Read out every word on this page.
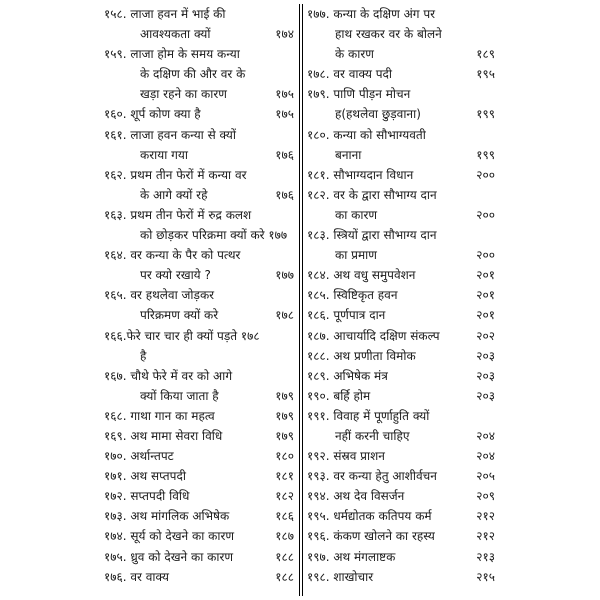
१५८. लाजा हवन में भाई की
आवश्यकता क्यों	१७४
१५९. लाजा होम के समय कन्या
के दक्षिण की और वर के
खड़ा रहने का कारण	१७५
१६०. शूर्प कोण क्या है	१७५
१६१. लाजा हवन कन्या से क्यों
कराया गया	१७६
१६२. प्रथम तीन फेरों में कन्या वर
के आगे क्यों रहे	१७६
१६३. प्रथम तीन फेरों में रुद्र कलश
को छोड़कर परिक्रमा क्यों करे १७७
१६४. वर कन्या के पैर को पत्थर
पर क्यो रखाये ?	१७७
१६५. वर हथलेवा जोड़कर
परिक्रमण क्यों करे	१७८
१६६.फेरे चार चार ही क्यों पड़ते १७८
है
१६७. चौथे फेरे में वर को आगे
क्यों किया जाता है	१७९
१६८. गाथा गान का महत्व	१७९
१६९. अथ मामा सेवरा विधि	१७९
१७०. अर्थान्तपट	१८०
१७१. अथ सप्तपदी	१८१
१७२. सप्तपदी विधि	१८२
१७३. अथ मांगलिक अभिषेक	१८६
१७४. सूर्य को देखने का कारण	१८७
१७५. ध्रुव को देखने का कारण	१८८
१७६. वर वाक्य	१८८
१७७. कन्या के दक्षिण अंग पर
हाथ रखकर वर के बोलने
के कारण	१८९
१७८. वर वाक्य पदी	१९५
१७९. पाणि पीड़न मोचन
ह(हथलेवा छुड़वाना)	१९९
१८०. कन्या को सौभाग्यवती
बनाना	१९९
१८१. सौभाग्यदान विधान	२००
१८२. वर के द्वारा सौभाग्य दान
का कारण	२००
१८३. स्त्रियों द्वारा सौभाग्य दान
का प्रमाण	२००
१८४. अथ वधु समुपवेशन	२०१
१८५. स्विष्टिकृत हवन	२०१
१८६. पूर्णपात्र दान	२०१
१८७. आचार्यादि दक्षिण संकल्प	२०२
१८८. अथ प्रणीता विमोक	२०३
१८९. अभिषेक मंत्र	२०३
१९०. बर्हि होम	२०३
१९१. विवाह में पूर्णाहुति क्यों
नहीं करनी चाहिए	२०४
१९२. संस्रव प्राशन	२०४
१९३. वर कन्या हेतु आशीर्वचन	२०५
१९४. अथ देव विसर्जन	२०९
१९५. धर्मद्योतक कतिपय कर्म	२१२
१९६. कंकण खोलने का रहस्य	२१२
१९७. अथ मंगलाष्टक	२१३
१९८. शाखोचार	२१५
